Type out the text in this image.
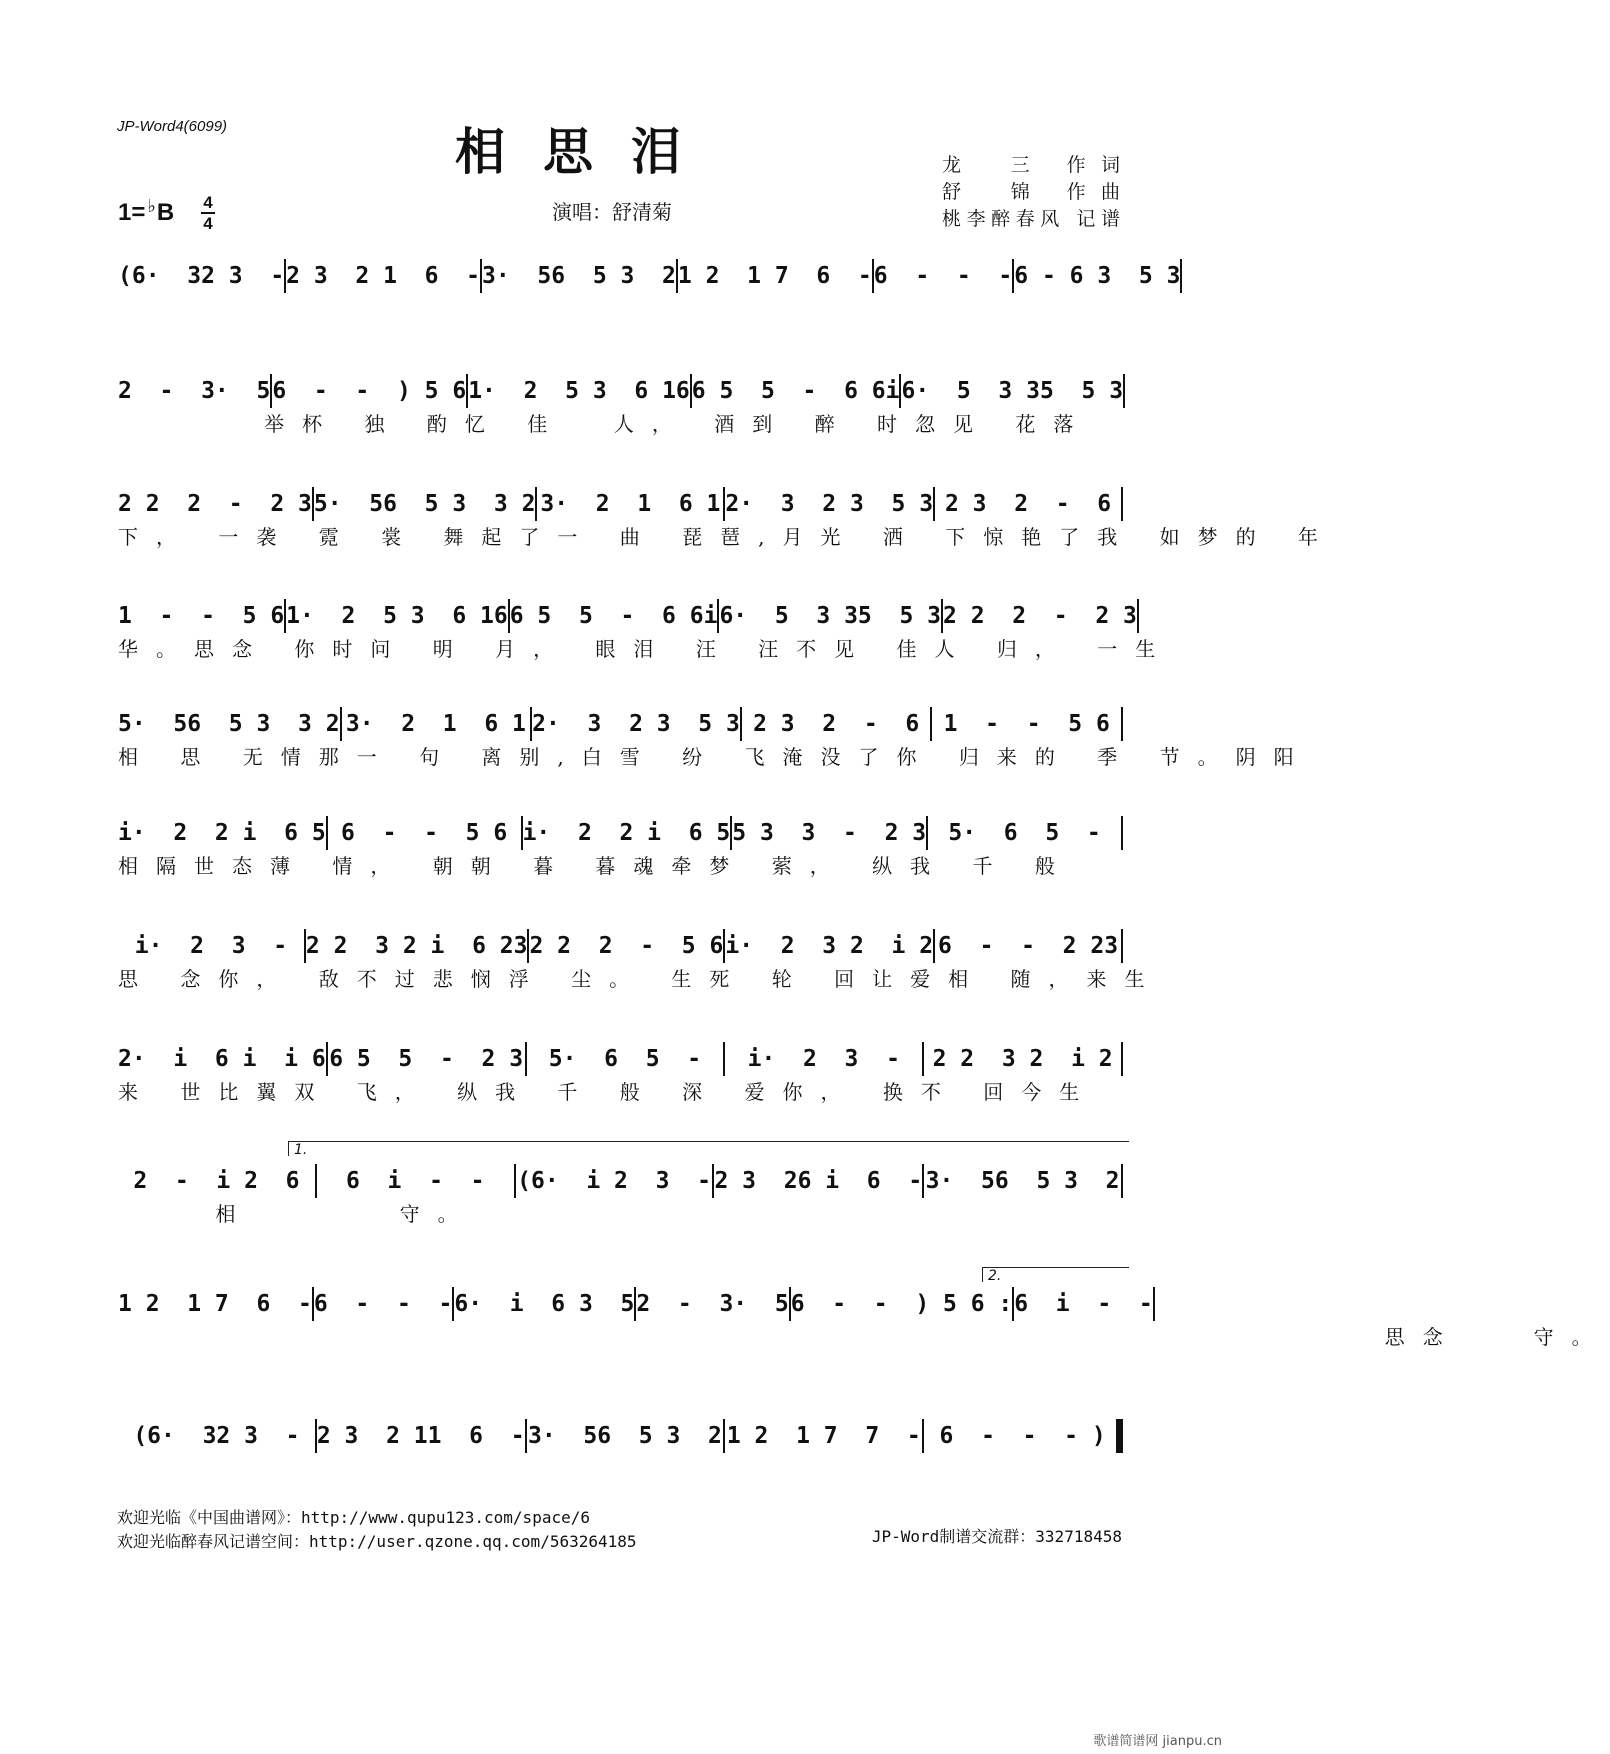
JP-Word4(6099)	相思泪	龙　三 作词
舒　锦 作曲
桃李醉春风 记谱
1= ♭B 4
4	演唱：舒清菊
(6·  32 3  - 2 3  2 1  6  - 3·  56  5 3  2 1 2  1 7  6  - 6  -  -  - 6 - 6 3  5 3
2  -  3·  5 6  -  -  ) 5 6 1·  2  5 3  6 16 6 5  5  -  6 6i 6·  5  3 35  5 3
举杯 独 酌忆 佳  人， 酒到 醉 时忽见 花落
2 2  2  -  2 3 5·  56  5 3  3 2 3·  2  1  6 1 2·  3  2 3  5 3 2 3  2  -  6
下， 一袭 霓 裳 舞起了一 曲 琵琶,月光 洒 下惊艳了我 如梦的 年
1  -  -  5 6 1·  2  5 3  6 16 6 5  5  -  6 6i 6·  5  3 35  5 3 2 2  2  -  2 3
华。思念 你时问 明 月， 眼泪 汪 汪不见 佳人 归， 一生
5·  56  5 3  3 2 3·  2  1  6 1 2·  3  2 3  5 3 2 3  2  -  6	1  -  -  5 6
相 思 无情那一 句 离别,白雪 纷 飞淹没了你 归来的 季 节。阴阳
i·  2  2 i  6 5 6  -  -  5 6 i·  2  2 i  6 5 5 3  3  -  2 3 5·  6  5  -
相隔世态薄 情， 朝朝 暮 暮魂牵梦 萦， 纵我 千 般
i·  2  3  - 2 2  3 2 i  6 23 2 2  2  -  5 6 i·  2  3 2  i 2 6  -  -  2 23
思 念你， 敌不过悲悯浮 尘。 生死 轮 回让爱相 随，来生
2·  i  6 i  i 6 6 5  5  -  2 3	5·  6  5  -	i·  2  3  -	2 2  3 2  i 2
来 世比翼双 飞， 纵我 千 般 深 爱你， 换不 回今生
2  -  i 2  6	6  i  -  -	(6·  i 2  3  - 2 3  26 i  6  - 3·  56  5 3  2
相      守。
1 2  1 7  6  - 6  -  -  - 6·  i  6 3  5 2  -  3·  5 6  -  -  ) 5 6 : 6  i  -  -
思念   守。
(6·  32 3  - 2 3  2 11  6  - 3·  56  5 3  2 1 2  1 7  7  - 6  -  -  - )
1.
2.
欢迎光临《中国曲谱网》：http://www.qupu123.com/space/6
欢迎光临醉春风记谱空间：http://user.qzone.qq.com/563264185	JP-Word制谱交流群：332718458
歌谱简谱网 jianpu.cn
